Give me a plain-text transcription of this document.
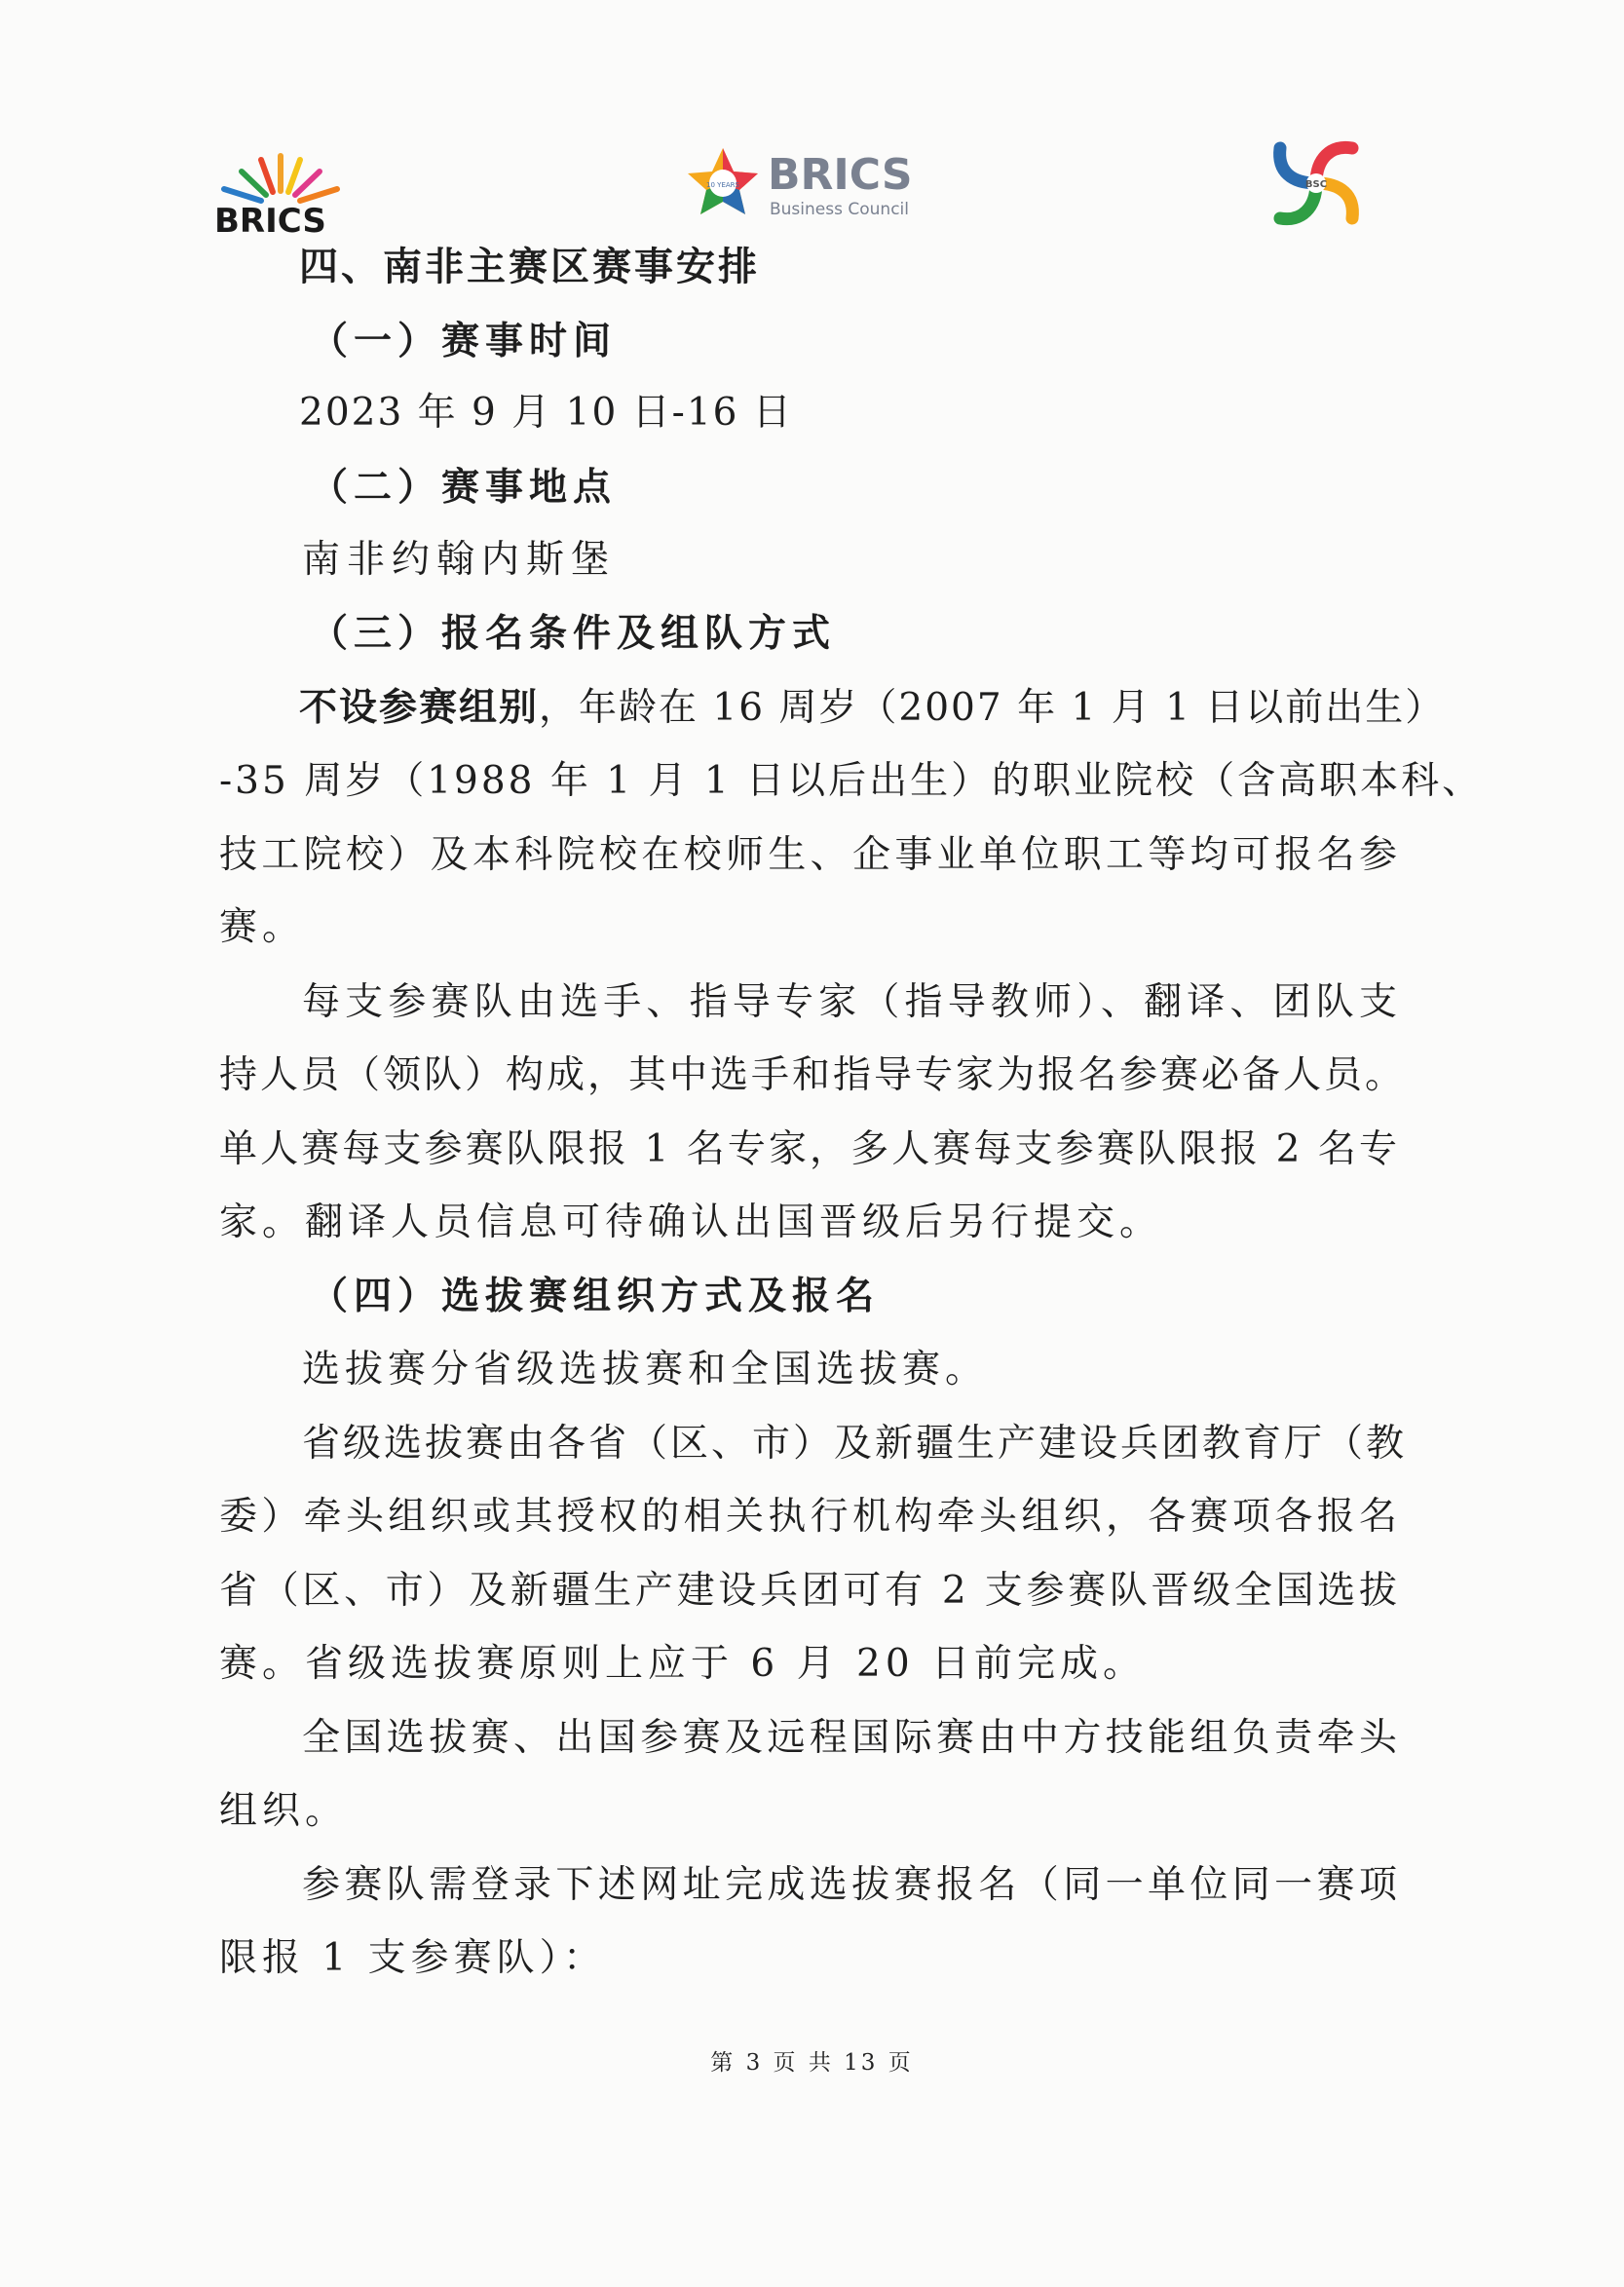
BRICS
10 YEARS BRICS
Business Council
BSC
四、南非主赛区赛事安排
（一）赛事时间
2023 年 9 月 10 日-16 日
（二）赛事地点
南非约翰内斯堡
（三）报名条件及组队方式
不设参赛组别，年龄在 16 周岁（2007 年 1 月 1 日以前出生）
-35 周岁（1988 年 1 月 1 日以后出生）的职业院校（含高职本科、
技工院校）及本科院校在校师生、企事业单位职工等均可报名参
赛。
每支参赛队由选手、指导专家（指导教师）、翻译、团队支
持人员（领队）构成，其中选手和指导专家为报名参赛必备人员。
单人赛每支参赛队限报 1 名专家，多人赛每支参赛队限报 2 名专
家。翻译人员信息可待确认出国晋级后另行提交。
（四）选拔赛组织方式及报名
选拔赛分省级选拔赛和全国选拔赛。
省级选拔赛由各省（区、市）及新疆生产建设兵团教育厅（教
委）牵头组织或其授权的相关执行机构牵头组织，各赛项各报名
省（区、市）及新疆生产建设兵团可有 2 支参赛队晋级全国选拔
赛。省级选拔赛原则上应于 6 月 20 日前完成。
全国选拔赛、出国参赛及远程国际赛由中方技能组负责牵头
组织。
参赛队需登录下述网址完成选拔赛报名（同一单位同一赛项
限报 1 支参赛队）：
第 3 页 共 13 页
